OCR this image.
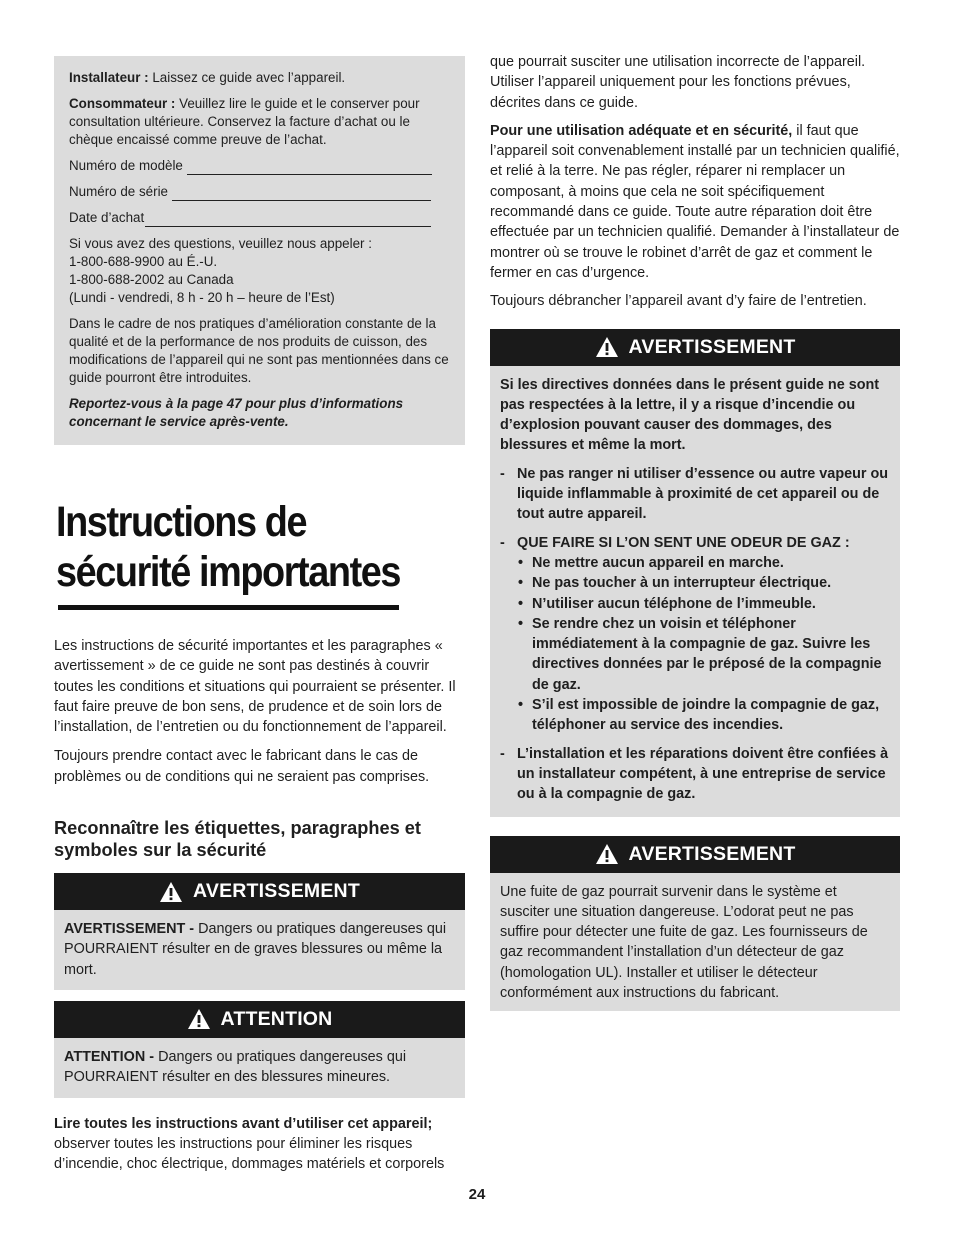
Installateur : Laissez ce guide avec l’appareil.

Consommateur : Veuillez lire le guide et le conserver pour consultation ultérieure. Conservez la facture d’achat ou le chèque encaissé comme preuve de l’achat.

Numéro de modèle
Numéro de série
Date d’achat

Si vous avez des questions, veuillez nous appeler :
1-800-688-9900 au É.-U.
1-800-688-2002 au Canada
(Lundi - vendredi, 8 h - 20 h – heure de l’Est)

Dans le cadre de nos pratiques d’amélioration constante de la qualité et de la performance de nos produits de cuisson, des modifications de l’appareil qui ne sont pas mentionnées dans ce guide pourront être introduites.

Reportez-vous à la page 47 pour plus d’informations concernant le service après-vente.

Instructions de
sécurité importantes

Les instructions de sécurité importantes et les paragraphes « avertissement » de ce guide ne sont pas destinés à couvrir toutes les conditions et situations qui pourraient se présenter. Il faut faire preuve de bon sens, de prudence et de soin lors de l’installation, de l’entretien ou du fonctionnement de l’appareil.

Toujours prendre contact avec le fabricant dans le cas de problèmes ou de conditions qui ne seraient pas comprises.

Reconnaître les étiquettes, paragraphes et symboles sur la sécurité
AVERTISSEMENT

AVERTISSEMENT - Dangers ou pratiques dangereuses qui POURRAIENT résulter en de graves blessures ou même la mort.

ATTENTION

ATTENTION - Dangers ou pratiques dangereuses qui POURRAIENT résulter en des blessures mineures.

Lire toutes les instructions avant d’utiliser cet appareil;
observer toutes les instructions pour éliminer les risques d’incendie, choc électrique, dommages matériels et corporels

que pourrait susciter une utilisation incorrecte de l’appareil. Utiliser l’appareil uniquement pour les fonctions prévues, décrites dans ce guide.

Pour une utilisation adéquate et en sécurité, il faut que l’appareil soit convenablement installé par un technicien qualifié, et relié à la terre. Ne pas régler, réparer ni remplacer un composant, à moins que cela ne soit spécifiquement recommandé dans ce guide. Toute autre réparation doit être effectuée par un technicien qualifié. Demander à l’installateur de montrer où se trouve le robinet d’arrêt de gaz et comment le fermer en cas d’urgence.

Toujours débrancher l’appareil avant d’y faire de l’entretien.

AVERTISSEMENT

Si les directives données dans le présent guide ne sont pas respectées à la lettre, il y a risque d’incendie ou d’explosion pouvant causer des dommages, des blessures et même la mort.

- Ne pas ranger ni utiliser d’essence ou autre vapeur ou liquide inflammable à proximité de cet appareil ou de tout autre appareil.
- QUE FAIRE SI L’ON SENT UNE ODEUR DE GAZ :
• Ne mettre aucun appareil en marche.
• Ne pas toucher à un interrupteur électrique.
• N’utiliser aucun téléphone de l’immeuble.
• Se rendre chez un voisin et téléphoner immédiatement à la compagnie de gaz. Suivre les directives données par le préposé de la compagnie de gaz.
• S’il est impossible de joindre la compagnie de gaz, téléphoner au service des incendies.
- L’installation et les réparations doivent être confiées à un installateur compétent, à une entreprise de service ou à la compagnie de gaz.
AVERTISSEMENT

Une fuite de gaz pourrait survenir dans le système et susciter une situation dangereuse. L’odorat peut ne pas suffire pour détecter une fuite de gaz. Les fournisseurs de gaz recommandent l’installation d’un détecteur de gaz (homologation UL). Installer et utiliser le détecteur conformément aux instructions du fabricant.

24
